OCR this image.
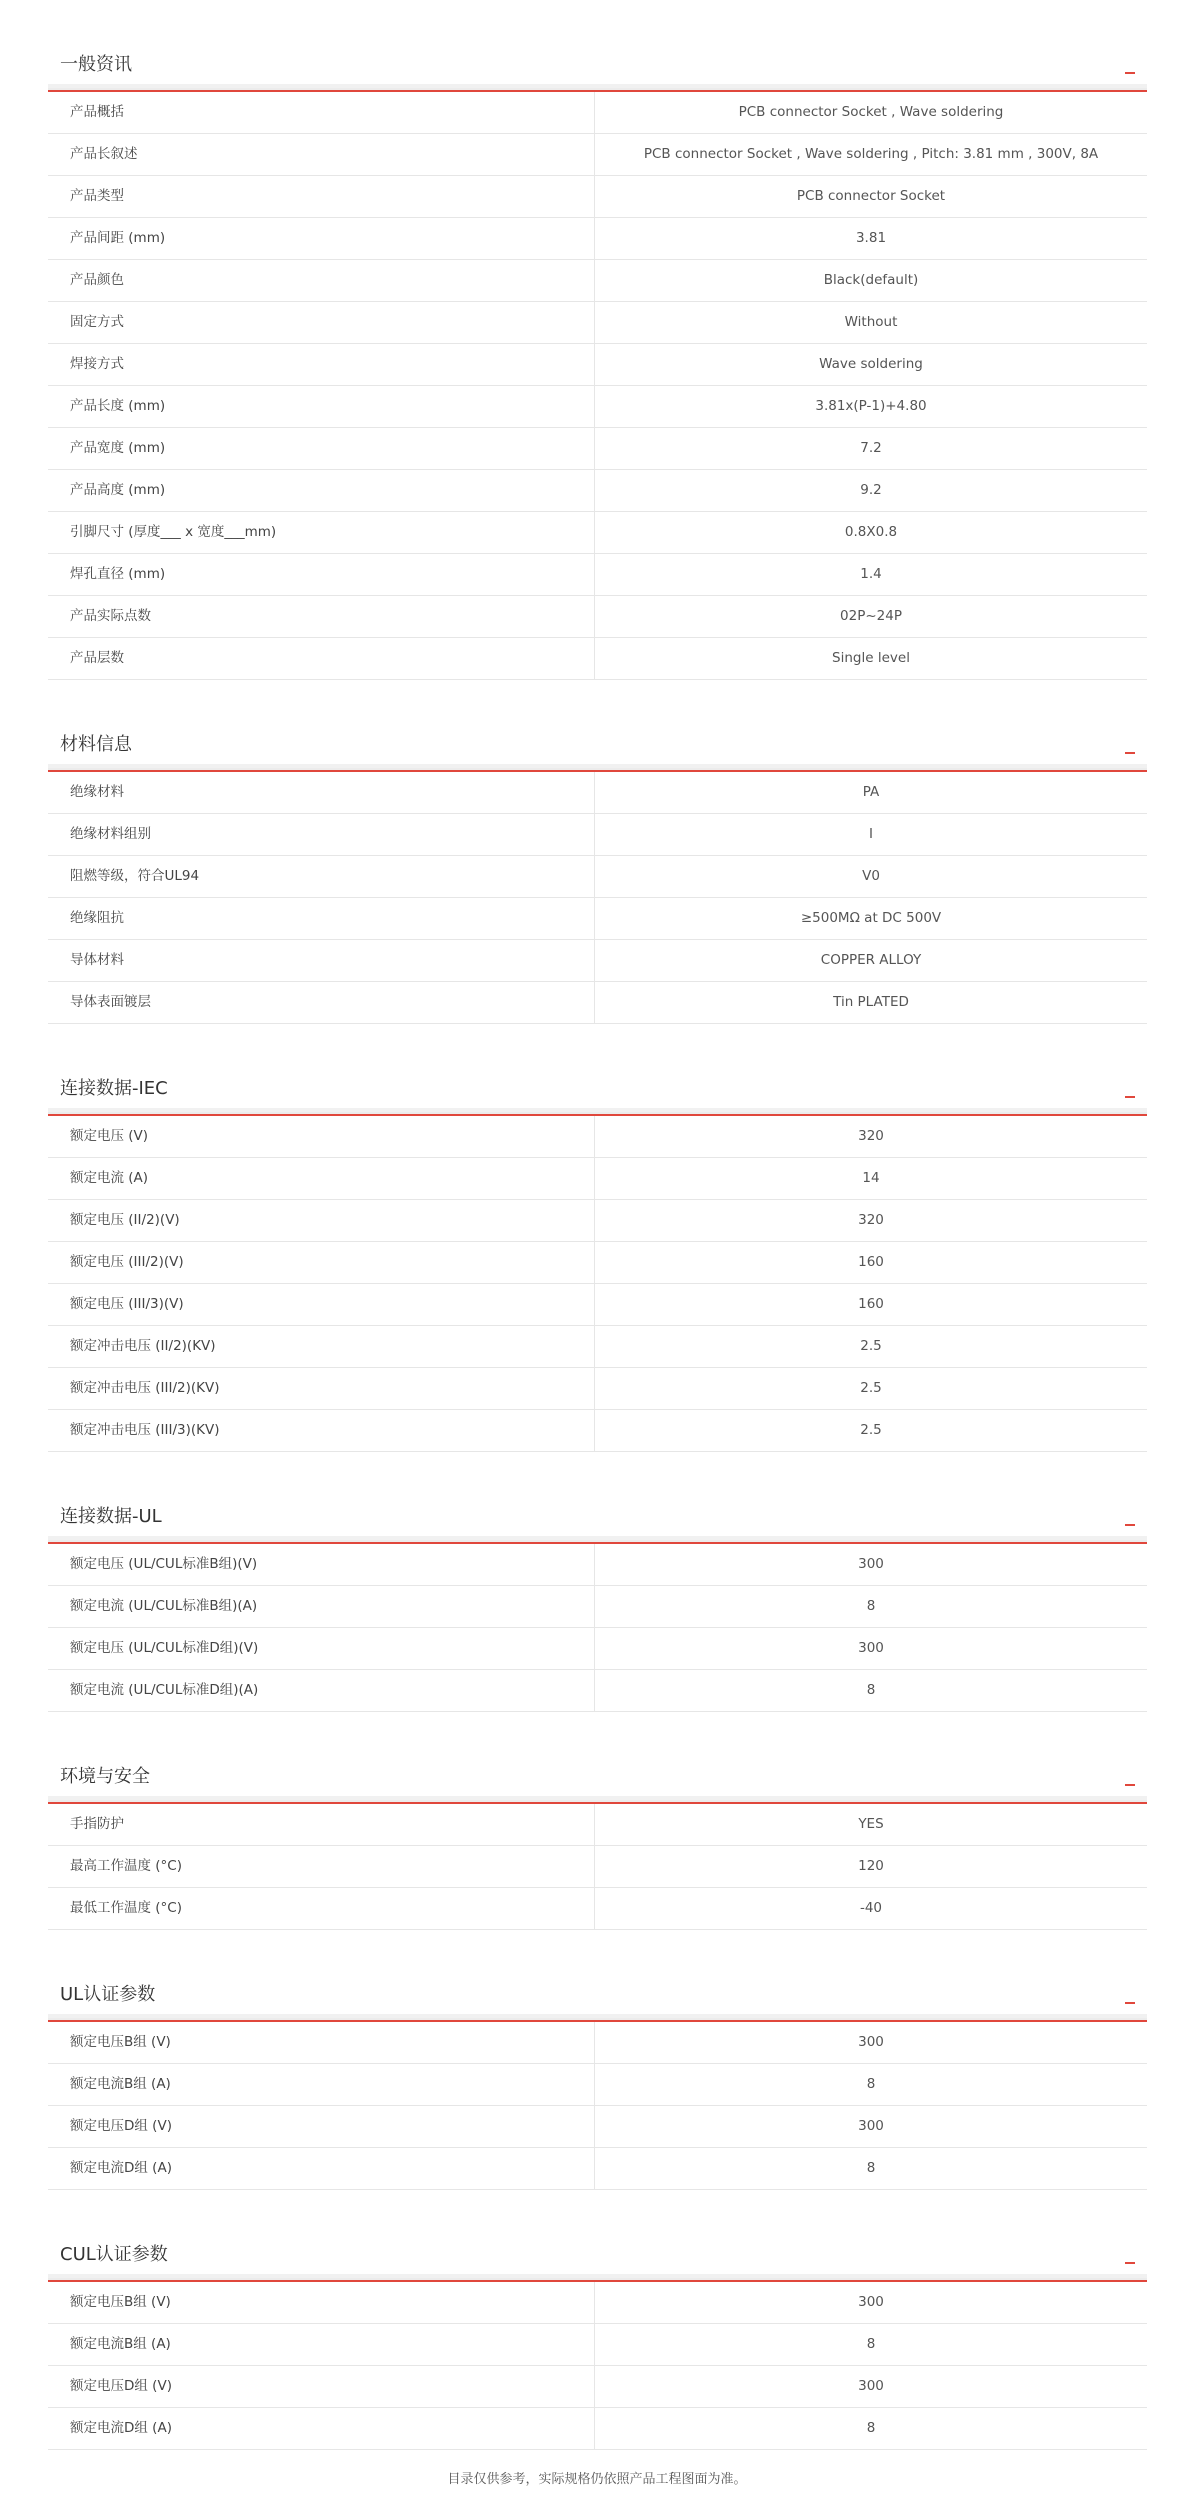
一般资讯
产品概括	PCB connector Socket , Wave soldering
产品长叙述	PCB connector Socket , Wave soldering , Pitch: 3.81 mm , 300V, 8A
产品类型	PCB connector Socket
产品间距 (mm)	3.81
产品颜色	Black(default)
固定方式	Without
焊接方式	Wave soldering
产品长度 (mm)	3.81x(P-1)+4.80
产品宽度 (mm)	7.2
产品高度 (mm)	9.2
引脚尺寸 (厚度___ x 宽度___mm)	0.8X0.8
焊孔直径 (mm)	1.4
产品实际点数	02P~24P
产品层数	Single level
材料信息
绝缘材料	PA
绝缘材料组别	I
阻燃等级，符合UL94	V0
绝缘阻抗	≥500MΩ at DC 500V
导体材料	COPPER ALLOY
导体表面镀层	Tin PLATED
连接数据-IEC
额定电压 (V)	320
额定电流 (A)	14
额定电压 (II/2)(V)	320
额定电压 (III/2)(V)	160
额定电压 (III/3)(V)	160
额定冲击电压 (II/2)(KV)	2.5
额定冲击电压 (III/2)(KV)	2.5
额定冲击电压 (III/3)(KV)	2.5
连接数据-UL
额定电压 (UL/CUL标准B组)(V)	300
额定电流 (UL/CUL标准B组)(A)	8
额定电压 (UL/CUL标准D组)(V)	300
额定电流 (UL/CUL标准D组)(A)	8
环境与安全
手指防护	YES
最高工作温度 (°C)	120
最低工作温度 (°C)	-40
UL认证参数
额定电压B组 (V)	300
额定电流B组 (A)	8
额定电压D组 (V)	300
额定电流D组 (A)	8
CUL认证参数
额定电压B组 (V)	300
额定电流B组 (A)	8
额定电压D组 (V)	300
额定电流D组 (A)	8
目录仅供参考，实际规格仍依照产品工程图面为准。
